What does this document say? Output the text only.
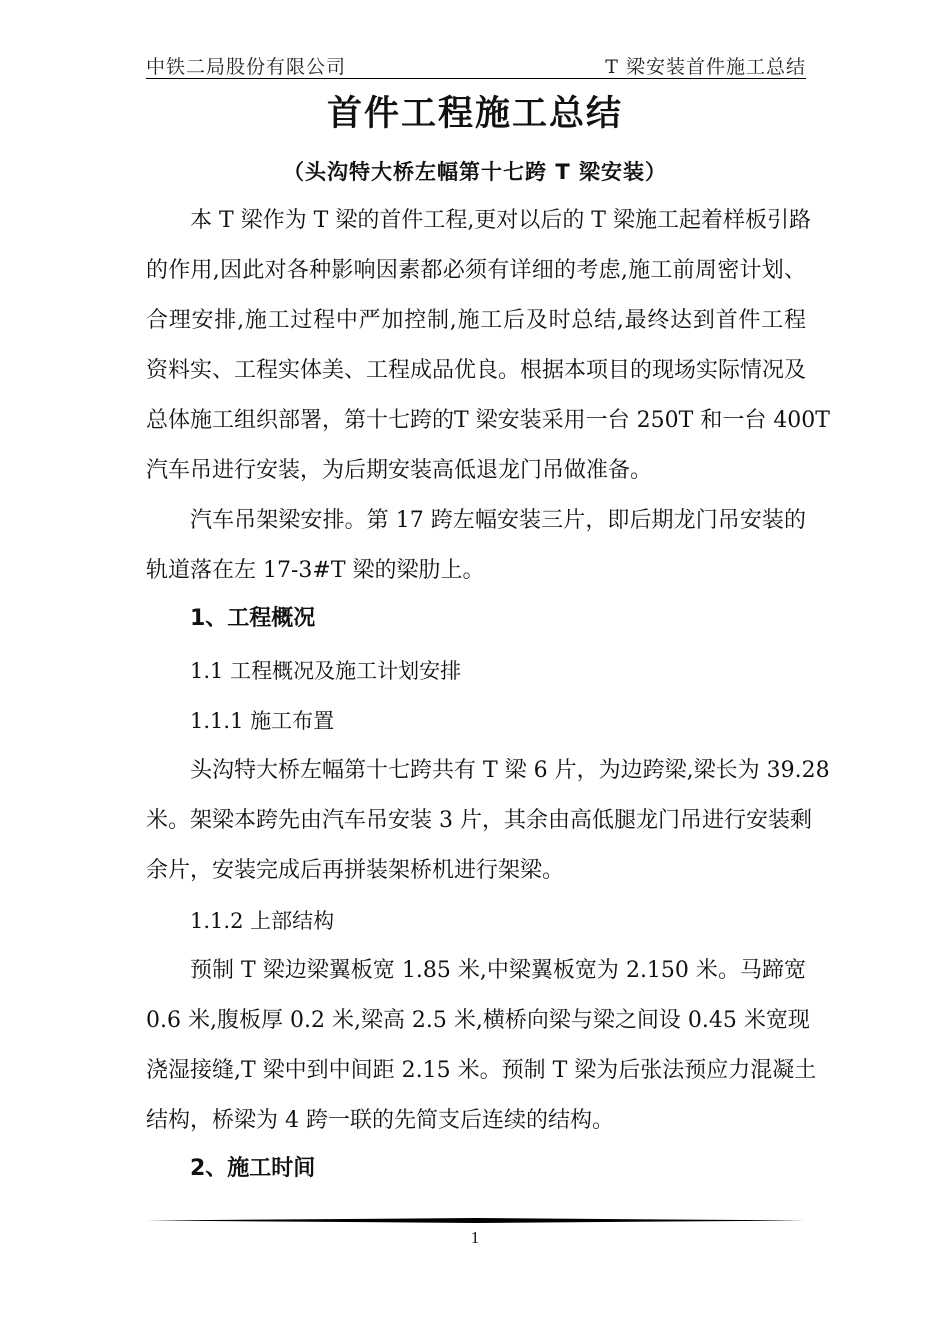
中铁二局股份有限公司	T 梁安装首件施工总结
首件工程施工总结
（头沟特大桥左幅第十七跨 T 梁安装）
本 T 梁作为 T 梁的首件工程,更对以后的 T 梁施工起着样板引路
的作用,因此对各种影响因素都必须有详细的考虑,施工前周密计划、
合理安排,施工过程中严加控制,施工后及时总结,最终达到首件工程
资料实、工程实体美、工程成品优良。根据本项目的现场实际情况及
总体施工组织部署，第十七跨的T 梁安装采用一台 250T 和一台 400T
汽车吊进行安装，为后期安装高低退龙门吊做准备。
汽车吊架梁安排。第 17 跨左幅安装三片，即后期龙门吊安装的
轨道落在左 17-3#T 梁的梁肋上。
1、工程概况
1.1 工程概况及施工计划安排
1.1.1 施工布置
头沟特大桥左幅第十七跨共有 T 梁 6 片，为边跨梁,梁长为 39.28
米。架梁本跨先由汽车吊安装 3 片，其余由高低腿龙门吊进行安装剩
余片，安装完成后再拼装架桥机进行架梁。
1.1.2 上部结构
预制 T 梁边梁翼板宽 1.85 米,中梁翼板宽为 2.150 米。马蹄宽
0.6 米,腹板厚 0.2 米,梁高 2.5 米,横桥向梁与梁之间设 0.45 米宽现
浇湿接缝,T 梁中到中间距 2.15 米。预制 T 梁为后张法预应力混凝土
结构，桥梁为 4 跨一联的先简支后连续的结构。
2、施工时间
1
